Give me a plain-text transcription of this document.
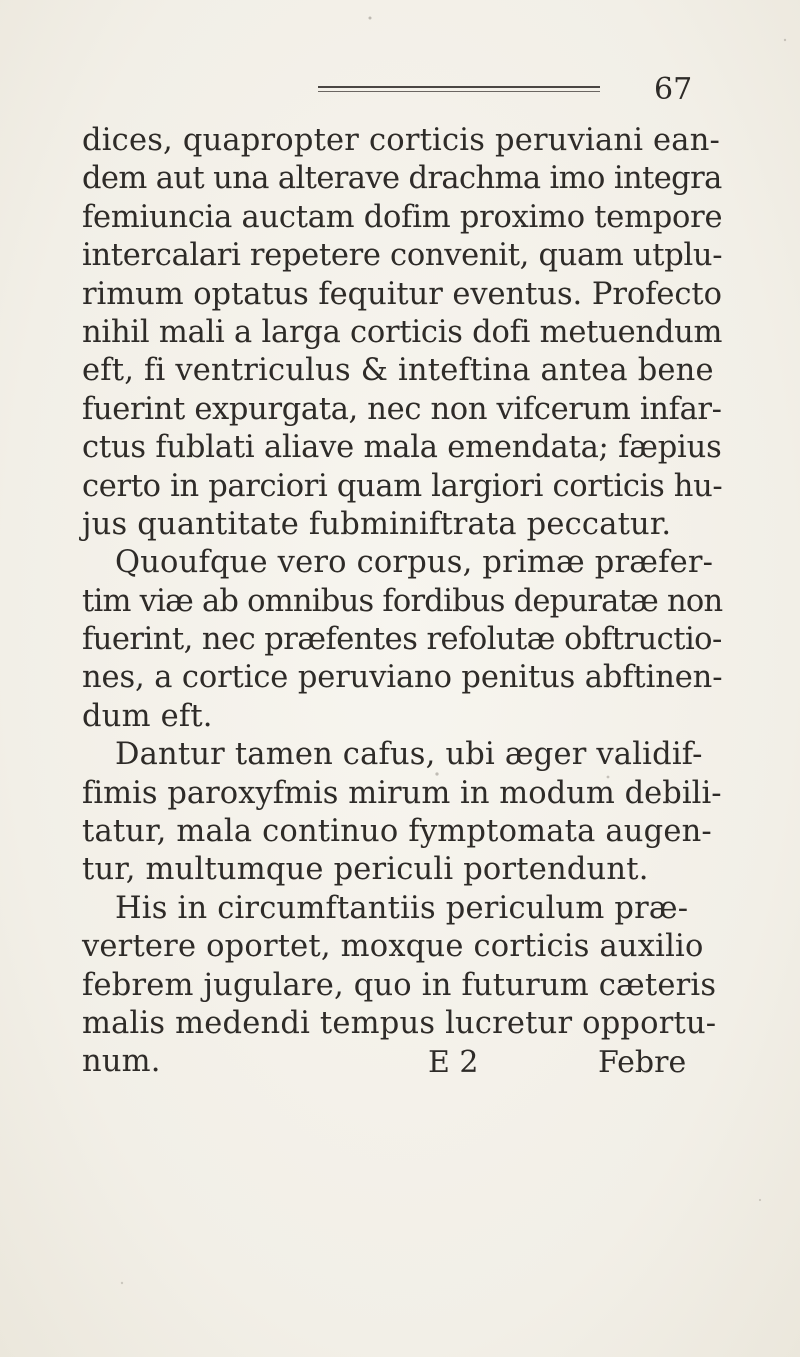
67
dices, quapropter corticis peruviani ean-
dem aut una alterave drachma imo integra
femiuncia auctam dofim proximo tempore
intercalari repetere convenit, quam utplu-
rimum optatus fequitur eventus. Profecto
nihil mali a larga corticis dofi metuendum
eft, fi ventriculus & inteftina antea bene
fuerint expurgata, nec non vifcerum infar-
ctus fublati aliave mala emendata; fæpius
certo in parciori quam largiori corticis hu-
jus quantitate fubminiftrata peccatur.
Quoufque vero corpus, primæ præfer-
tim viæ ab omnibus fordibus depuratæ non
fuerint, nec præfentes refolutæ obftructio-
nes, a cortice peruviano penitus abftinen-
dum eft.
Dantur tamen cafus, ubi æger validif-
fimis paroxyfmis mirum in modum debili-
tatur, mala continuo fymptomata augen-
tur, multumque periculi portendunt.
His in circumftantiis periculum præ-
vertere oportet, moxque corticis auxilio
febrem jugulare, quo in futurum cæteris
malis medendi tempus lucretur opportu-
num.	E 2	Febre
